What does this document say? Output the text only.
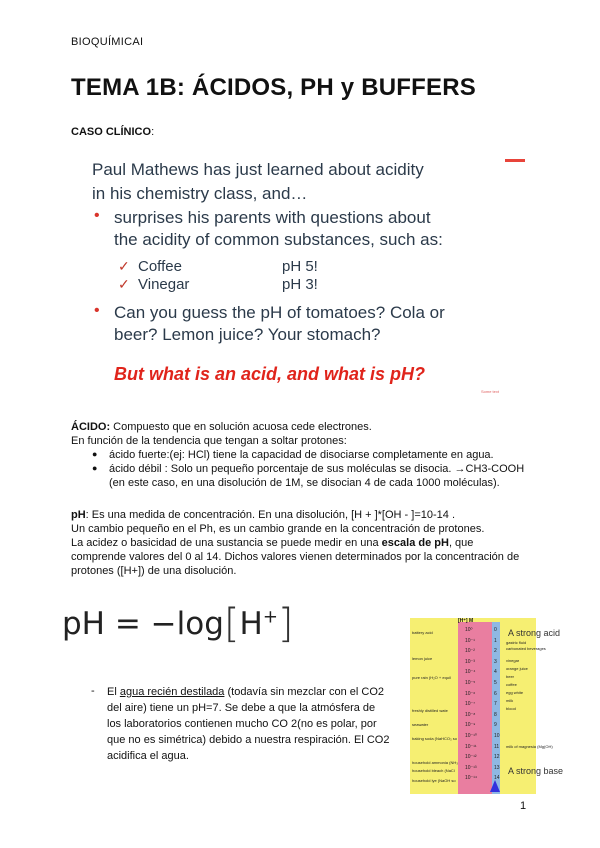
BIOQUÍMICAI
TEMA 1B: ÁCIDOS, PH y BUFFERS
CASO CLÍNICO:
Paul Mathews has just learned about acidity
in his chemistry class, and…
• surprises his parents with questions about
the acidity of common substances, such as:
✓ Coffee	pH 5!
✓ Vinegar	pH 3!
• Can you guess the pH of tomatoes? Cola or
beer? Lemon juice? Your stomach?
But what is an acid, and what is pH?
Some text
ÁCIDO: Compuesto que en solución acuosa cede electrones.
En función de la tendencia que tengan a soltar protones:
● ácido fuerte:(ej: HCl) tiene la capacidad de disociarse completamente en agua.
● ácido débil : Solo un pequeño porcentaje de sus moléculas se disocia. →CH3-COOH
(en este caso, en una disolución de 1M, se disocian 4 de cada 1000 moléculas).
pH: Es una medida de concentración. En una disolución, [H + ]*[OH - ]=10-14 .
Un cambio pequeño en el Ph, es un cambio grande en la concentración de protones.
La acidez o basicidad de una sustancia se puede medir en una escala de pH, que
comprende valores del 0 al 14. Dichos valores vienen determinados por la concentración de
protones ([H+]) de una disolución.
pH = −log[H+]	[H⁺] M
10⁰	0
10⁻¹	1
10⁻²	2
10⁻³	3
10⁻⁴	4
10⁻⁵	5
10⁻⁶	6
10⁻⁷	7
10⁻⁸	8
10⁻⁹	9
10⁻¹⁰	10
10⁻¹¹	11
10⁻¹²	12
10⁻¹³	13
10⁻¹⁴	14
battery acid
lemon juice
pure rain (H₂O + equil
freshly distilled wate
seawater
baking soda (NaHCO₃ so
household ammonia (NH₃
household bleach (NaCl
household lye (NaOH so
gastric fluid
carbonated beverages
vinegar
orange juice
beer
coffee
egg white
milk
blood
milk of magnesia (Mg(OH)
A strong acid
A strong base
- El agua recién destilada (todavía sin mezclar con el CO2
del aire) tiene un pH=7. Se debe a que la atmósfera de
los laboratorios contienen mucho CO 2(no es polar, por
que no es simétrica) debido a nuestra respiración. El CO2
acidifica el agua.
1
